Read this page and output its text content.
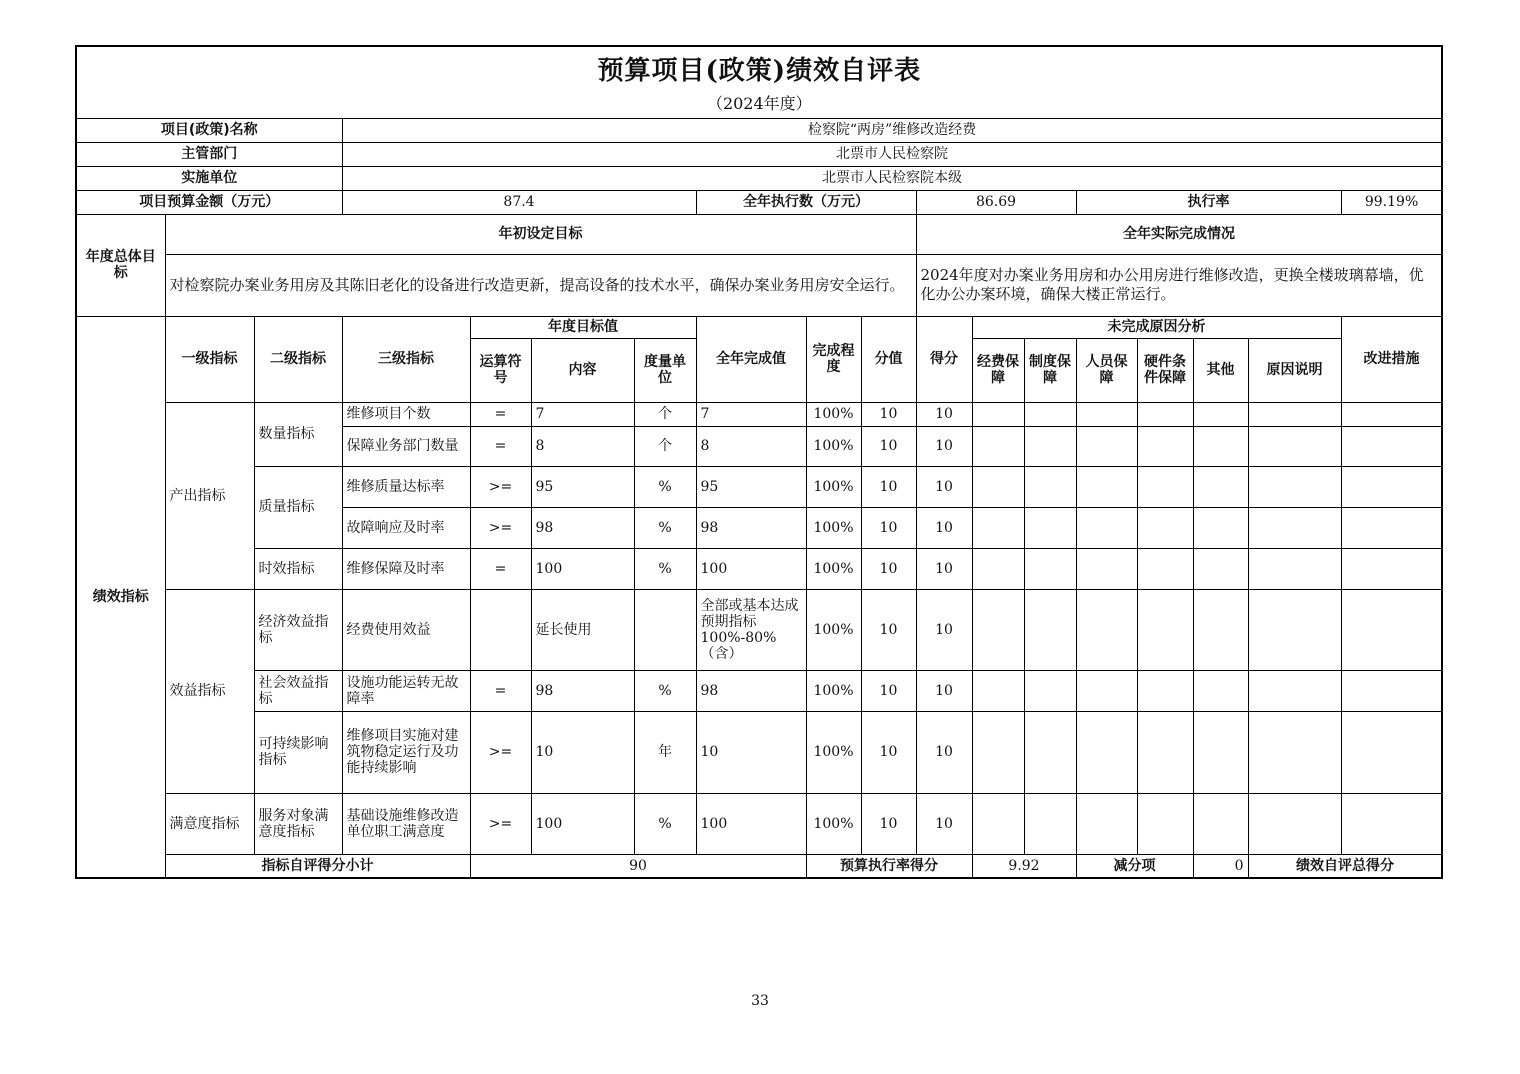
预算项目(政策)绩效自评表																		

（2024年度）																		
项目(政策)名称			检察院“两房”维修改造经费															
主管部门			北票市人民检察院															
实施单位			北票市人民检察院本级															
项目预算金额（万元）			87.4				全年执行数（万元）			86.69			执行率				99.19%	
年度总体目标	年初设定目标									全年实际完成情况								
	对检察院办案业务用房及其陈旧老化的设备进行改造更新，提高设备的技术水平，确保办案业务用房安全运行。									2024年度对办案业务用房和办公用房进行维修改造，更换全楼玻璃幕墙，优化办公办案环境，确保大楼正常运行。								
绩效指标	一级指标	二级指标	三级指标	年度目标值			全年完成值	完成程度	分值	得分	未完成原因分析						改进措施	
				运算符号	内容	度量单位					经费保障	制度保障	人员保障	硬件条件保障	其他	原因说明		
	产出指标	数量指标	维修项目个数	=	7	个	7	100%	10	10								
			保障业务部门数量	=	8	个	8	100%	10	10								
		质量指标	维修质量达标率	>=	95	%	95	100%	10	10								
			故障响应及时率	>=	98	%	98	100%	10	10								
		时效指标	维修保障及时率	=	100	%	100	100%	10	10								
	效益指标	经济效益指标	经费使用效益		延长使用		全部或基本达成预期指标100%-80%（含）	100%	10	10								
		社会效益指标	设施功能运转无故障率	=	98	%	98	100%	10	10								
		可持续影响指标	维修项目实施对建筑物稳定运行及功能持续影响	>=	10	年	10	100%	10	10								
	满意度指标	服务对象满意度指标	基础设施维修改造单位职工满意度	>=	100	%	100	100%	10	10								
	指标自评得分小计			90				预算执行率得分			9.92		减分项		0	绩效自评总得分	
33
